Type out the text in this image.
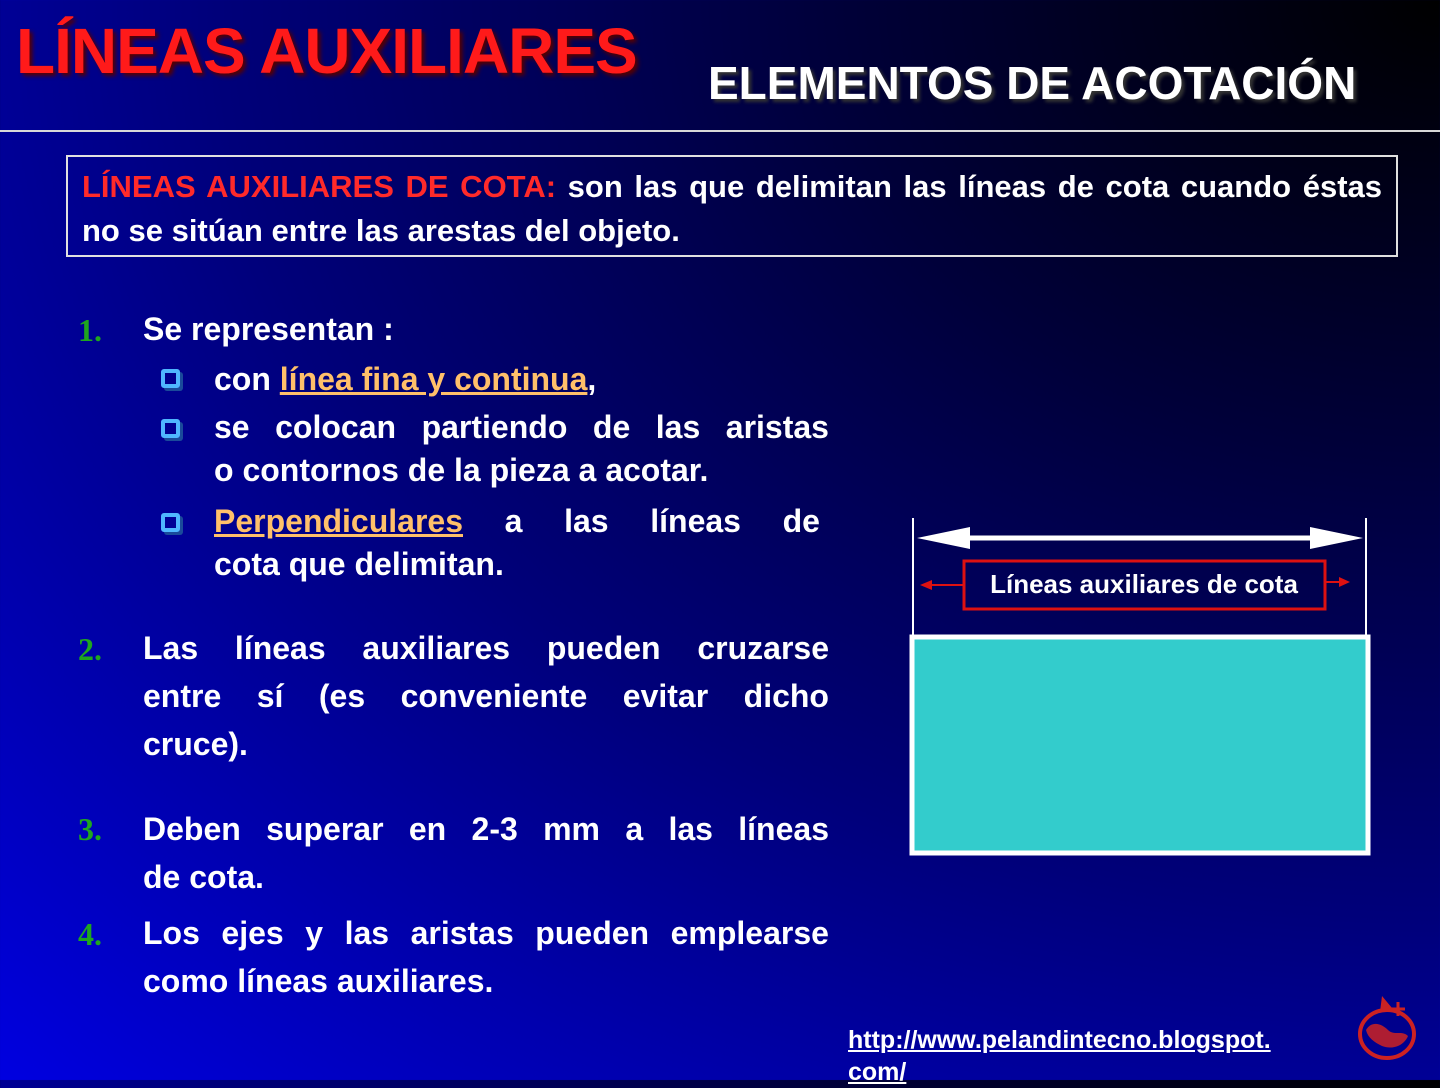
LÍNEAS AUXILIARES ELEMENTOS DE ACOTACIÓN
LÍNEAS AUXILIARES DE COTA: son las que delimitan las líneas de cota cuando éstas no se sitúan entre las arestas del objeto.
1. Se representan :
con línea fina y continua,
se colocan partiendo de las aristas
o contornos de la pieza a acotar.
Perpendiculares a las líneas de
cota que delimitan.
2. Las líneas auxiliares pueden cruzarse
entre sí (es conveniente evitar dicho
cruce).
3. Deben superar en 2-3 mm a las líneas
de cota.
4. Los ejes y las aristas pueden emplearse
como líneas auxiliares.
Líneas auxiliares de cota
http://www.pelandintecno.blogspot.
com/
